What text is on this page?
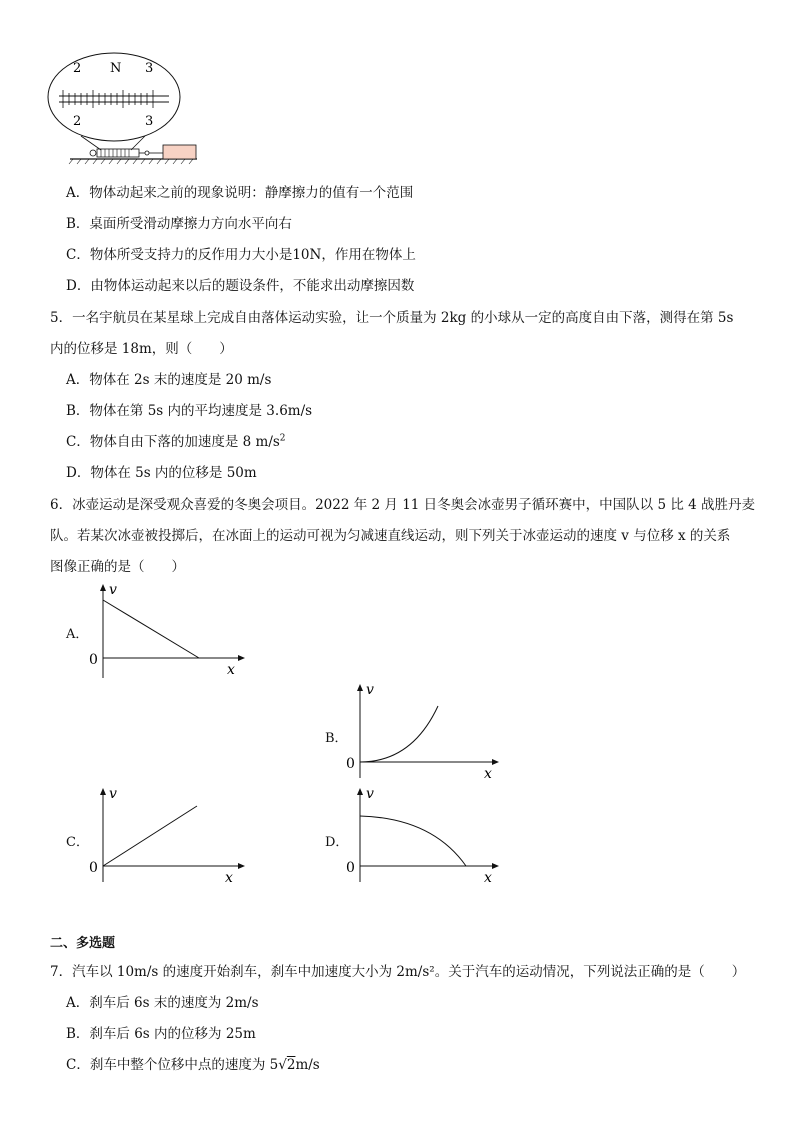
2 N 3
2	3
A．物体动起来之前的现象说明：静摩擦力的值有一个范围
B．桌面所受滑动摩擦力方向水平向右
C．物体所受支持力的反作用力大小是10N，作用在物体上
D．由物体运动起来以后的题设条件，不能求出动摩擦因数
5．一名宇航员在某星球上完成自由落体运动实验，让一个质量为 2kg 的小球从一定的高度自由下落，测得在第 5s
内的位移是 18m，则（　　）
A．物体在 2s 末的速度是 20 m/s
B．物体在第 5s 内的平均速度是 3.6m/s
C．物体自由下落的加速度是 8 $m/s^2$
D．物体在 5s 内的位移是 50m
6．冰壶运动是深受观众喜爱的冬奥会项目。2022 年 2 月 11 日冬奥会冰壶男子循环赛中，中国队以 5 比 4 战胜丹麦
队。若某次冰壶被投掷后，在冰面上的运动可视为匀减速直线运动，则下列关于冰壶运动的速度 v 与位移 x 的关系
图像正确的是（　　）
A．
v
x
0
B．
v
x
0
C．
v
x
0
D．
v
x
0
二、多选题
7．汽车以 10m/s 的速度开始刹车，刹车中加速度大小为 2m/s²。关于汽车的运动情况，下列说法正确的是（　　）
A．刹车后 6s 末的速度为 2m/s
B．刹车后 6s 内的位移为 25m
C．刹车中整个位移中点的速度为 5√2m/s
